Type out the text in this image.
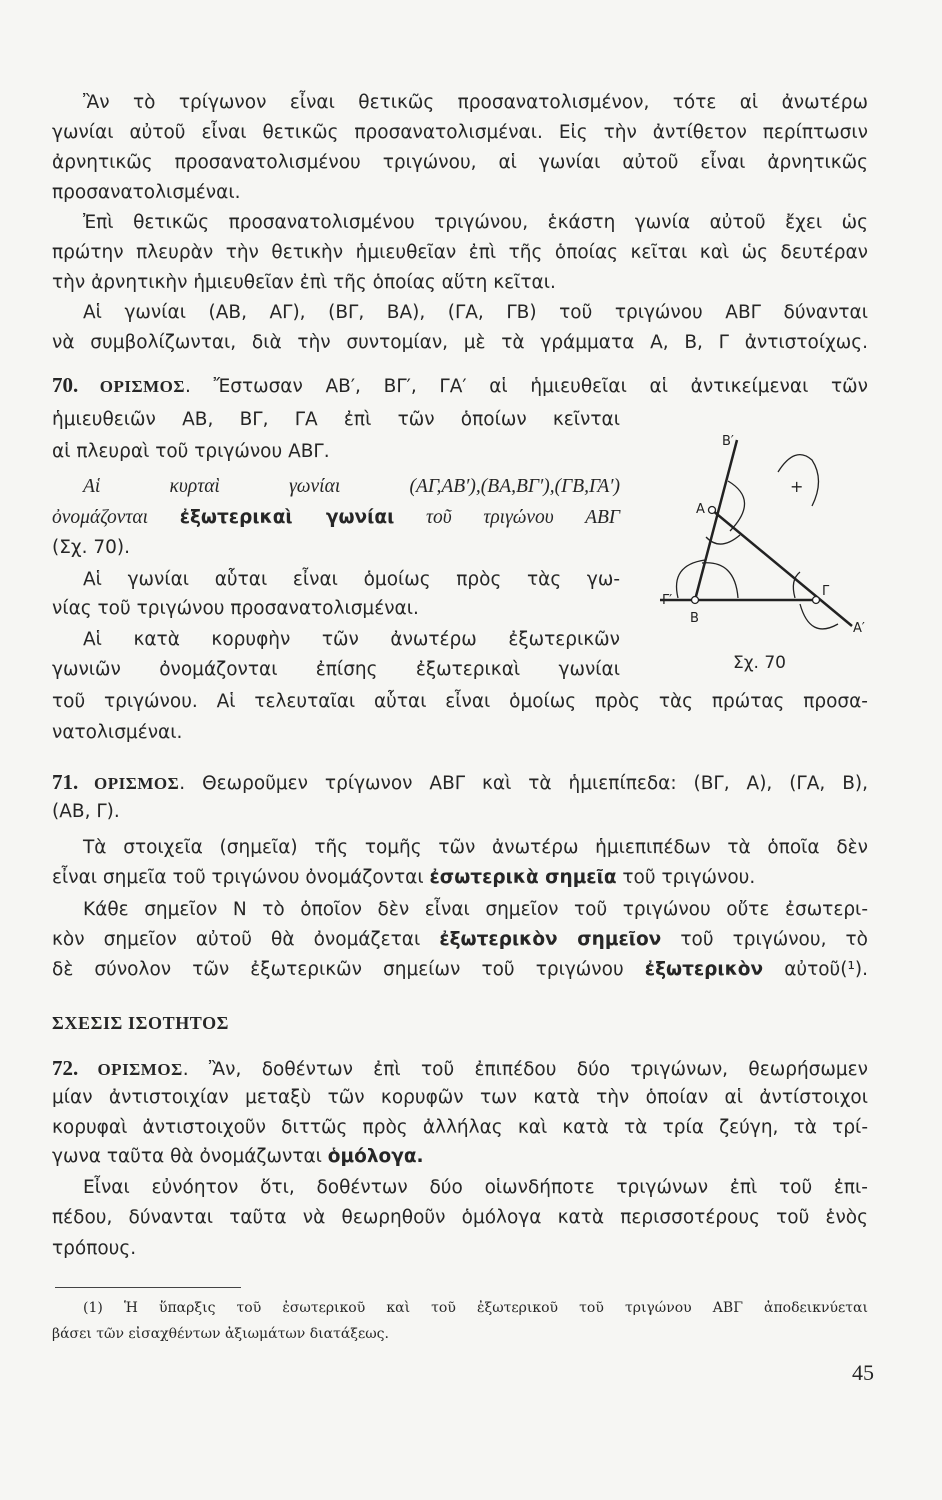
Ἂν τὸ τρίγωνον εἶναι θετικῶς προσανατολισμένον, τότε αἱ ἀνωτέρω
γωνίαι αὐτοῦ εἶναι θετικῶς προσανατολισμέναι. Εἰς τὴν ἀντίθετον περίπτωσιν
ἀρνητικῶς προσανατολισμένου τριγώνου, αἱ γωνίαι αὐτοῦ εἶναι ἀρνητικῶς
προσανατολισμέναι.
Ἐπὶ θετικῶς προσανατολισμένου τριγώνου, ἑκάστη γωνία αὐτοῦ ἔχει ὡς
πρώτην πλευρὰν τὴν θετικὴν ἡμιευθεῖαν ἐπὶ τῆς ὁποίας κεῖται καὶ ὡς δευτέραν
τὴν ἀρνητικὴν ἡμιευθεῖαν ἐπὶ τῆς ὁποίας αὕτη κεῖται.
Αἱ γωνίαι (ΑΒ, ΑΓ), (ΒΓ, ΒΑ), (ΓΑ, ΓΒ) τοῦ τριγώνου ΑΒΓ δύνανται
νὰ συμβολίζωνται, διὰ τὴν συντομίαν, μὲ τὰ γράμματα Α, Β, Γ ἀντιστοίχως.
70. ΟΡΙΣΜΟΣ. Ἔστωσαν ΑΒ′, ΒΓ′, ΓΑ′ αἱ ἡμιευθεῖαι αἱ ἀντικείμεναι τῶν
ἡμιευθειῶν ΑΒ, ΒΓ, ΓΑ ἐπὶ τῶν ὁποίων κεῖνται
αἱ πλευραὶ τοῦ τριγώνου ΑΒΓ.
Αἱ κυρταὶ γωνίαι (ΑΓ,ΑΒ′),(ΒΑ,ΒΓ′),(ΓΒ,ΓΑ′)
ὀνομάζονται ἐξωτερικαὶ γωνίαι τοῦ τριγώνου ΑΒΓ
(Σχ. 70).
Αἱ γωνίαι αὗται εἶναι ὁμοίως πρὸς τὰς γω-
νίας τοῦ τριγώνου προσανατολισμέναι.
Αἱ κατὰ κορυφὴν τῶν ἀνωτέρω ἐξωτερικῶν
γωνιῶν ὀνομάζονται ἐπίσης ἐξωτερικαὶ γωνίαι
τοῦ τριγώνου. Αἱ τελευταῖαι αὗται εἶναι ὁμοίως πρὸς τὰς πρώτας προσα-
νατολισμέναι.
71. ΟΡΙΣΜΟΣ. Θεωροῦμεν τρίγωνον ΑΒΓ καὶ τὰ ἡμιεπίπεδα: (ΒΓ, Α), (ΓΑ, Β),
(ΑΒ, Γ).
Τὰ στοιχεῖα (σημεῖα) τῆς τομῆς τῶν ἀνωτέρω ἡμιεπιπέδων τὰ ὁποῖα δὲν
εἶναι σημεῖα τοῦ τριγώνου ὀνομάζονται ἐσωτερικὰ σημεῖα τοῦ τριγώνου.
Κάθε σημεῖον Ν τὸ ὁποῖον δὲν εἶναι σημεῖον τοῦ τριγώνου οὔτε ἐσωτερι-
κὸν σημεῖον αὐτοῦ θὰ ὀνομάζεται ἐξωτερικὸν σημεῖον τοῦ τριγώνου, τὸ
δὲ σύνολον τῶν ἐξωτερικῶν σημείων τοῦ τριγώνου ἐξωτερικὸν αὐτοῦ(¹).
ΣΧΕΣΙΣ ΙΣΟΤΗΤΟΣ
72. ΟΡΙΣΜΟΣ. Ἂν, δοθέντων ἐπὶ τοῦ ἐπιπέδου δύο τριγώνων, θεωρήσωμεν
μίαν ἀντιστοιχίαν μεταξὺ τῶν κορυφῶν των κατὰ τὴν ὁποίαν αἱ ἀντίστοιχοι
κορυφαὶ ἀντιστοιχοῦν διττῶς πρὸς ἀλλήλας καὶ κατὰ τὰ τρία ζεύγη, τὰ τρί-
γωνα ταῦτα θὰ ὀνομάζωνται ὁμόλογα.
Εἶναι εὐνόητον ὅτι, δοθέντων δύο οἱωνδήποτε τριγώνων ἐπὶ τοῦ ἐπι-
πέδου, δύνανται ταῦτα νὰ θεωρηθοῦν ὁμόλογα κατὰ περισσοτέρους τοῦ ἑνὸς
τρόπους.
Β′
Α
Γ′
Β
Γ
Α′
+
Σχ. 70
(1) Ἡ ὕπαρξις τοῦ ἐσωτερικοῦ καὶ τοῦ ἐξωτερικοῦ τοῦ τριγώνου ΑΒΓ ἀποδεικνύεται
βάσει τῶν εἰσαχθέντων ἀξιωμάτων διατάξεως.
45
